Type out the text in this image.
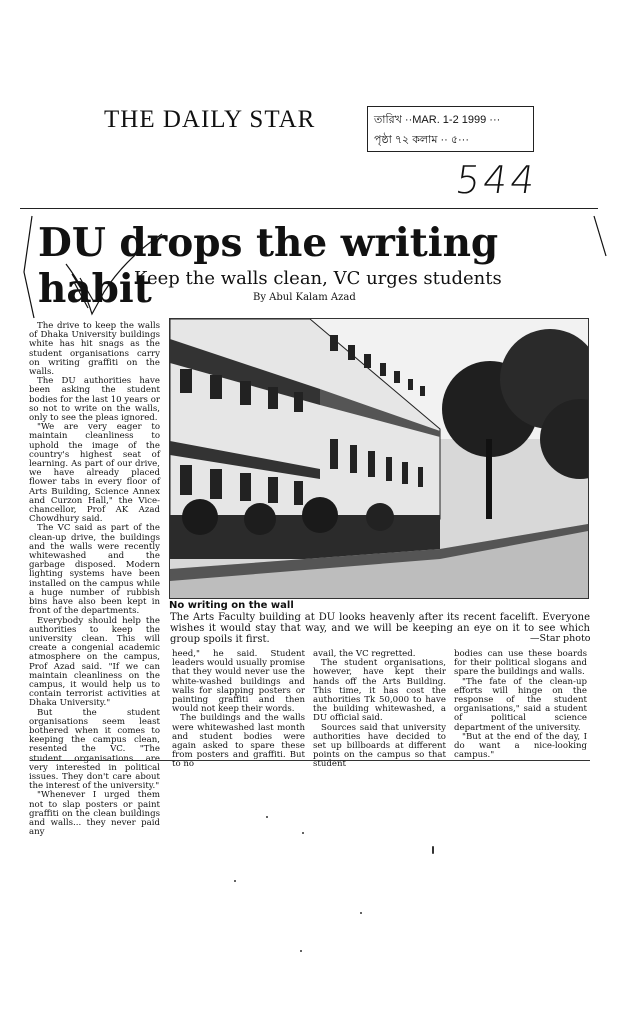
THE DAILY STAR	তারিখ ··MAR. 1-2 1999 ···
পৃষ্ঠা ৭২ কলাম ·· ৫···
544
DU drops the writing habit
Keep the walls clean, VC urges students
By Abul Kalam Azad

The drive to keep the walls of Dhaka University buildings white has hit snags as the student organisations carry on writing graffiti on the walls.

The DU authorities have been asking the student bodies for the last 10 years or so not to write on the walls, only to see the pleas ignored.

"We are very eager to maintain cleanliness to uphold the image of the country's highest seat of learning. As part of our drive, we have already placed flower tabs in every floor of Arts Building, Science Annex and Curzon Hall," the Vice-chancellor, Prof AK Azad Chowdhury said.

The VC said as part of the clean-up drive, the buildings and the walls were recently whitewashed and the garbage disposed. Modern lighting systems have been installed on the campus while a huge number of rubbish bins have also been kept in front of the departments.

Everybody should help the authorities to keep the university clean. This will create a congenial academic atmosphere on the campus, Prof Azad said. "If we can maintain cleanliness on the campus, it would help us to contain terrorist activities at Dhaka University."

But the student organisations seem least bothered when it comes to keeping the campus clean, resented the VC. "The student organisations are very interested in political issues. They don't care about the interest of the university."

"Whenever I urged them not to slap posters or paint graffiti on the clean buildings and walls... they never paid any

No writing on the wall
The Arts Faculty building at DU looks heavenly after its recent facelift. Everyone wishes it would stay that way, and we will be keeping an eye on it to see which group spoils it first.	—Star photo

heed," he said. Student leaders would usually promise that they would never use the white-washed buildings and walls for slapping posters or painting graffiti and then would not keep their words.

The buildings and the walls were whitewashed last month and student bodies were again asked to spare these from posters and graffiti. But to no

avail, the VC regretted.

The student organisations, however, have kept their hands off the Arts Building. This time, it has cost the authorities Tk 50,000 to have the building whitewashed, a DU official said.

Sources said that university authorities have decided to set up billboards at different points on the campus so that student

bodies can use these boards for their political slogans and spare the buildings and walls.

"The fate of the clean-up efforts will hinge on the response of the student organisations," said a student of political science department of the university.

"But at the end of the day, I do want a nice-looking campus."
